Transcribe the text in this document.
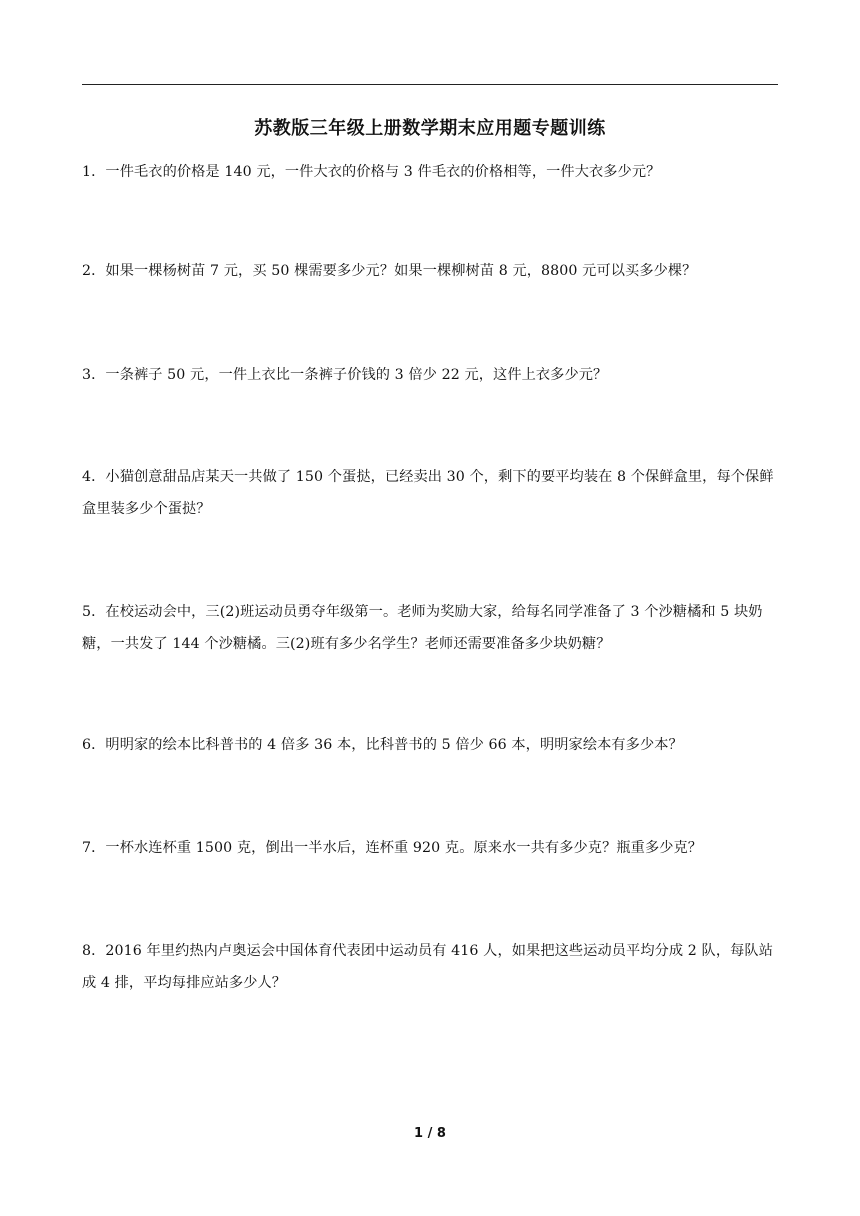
苏教版三年级上册数学期末应用题专题训练
1．一件毛衣的价格是 140 元，一件大衣的价格与 3 件毛衣的价格相等，一件大衣多少元？
2．如果一棵杨树苗 7 元，买 50 棵需要多少元？如果一棵柳树苗 8 元，8800 元可以买多少棵？
3．一条裤子 50 元，一件上衣比一条裤子价钱的 3 倍少 22 元，这件上衣多少元？
4．小猫创意甜品店某天一共做了 150 个蛋挞，已经卖出 30 个，剩下的要平均装在 8 个保鲜盒里，每个保鲜盒里装多少个蛋挞？
5．在校运动会中，三(2)班运动员勇夺年级第一。老师为奖励大家，给每名同学准备了 3 个沙糖橘和 5 块奶糖，一共发了 144 个沙糖橘。三(2)班有多少名学生？老师还需要准备多少块奶糖？
6．明明家的绘本比科普书的 4 倍多 36 本，比科普书的 5 倍少 66 本，明明家绘本有多少本？
7．一杯水连杯重 1500 克，倒出一半水后，连杯重 920 克。原来水一共有多少克？瓶重多少克？
8．2016 年里约热内卢奥运会中国体育代表团中运动员有 416 人，如果把这些运动员平均分成 2 队，每队站成 4 排，平均每排应站多少人？
1 / 8
